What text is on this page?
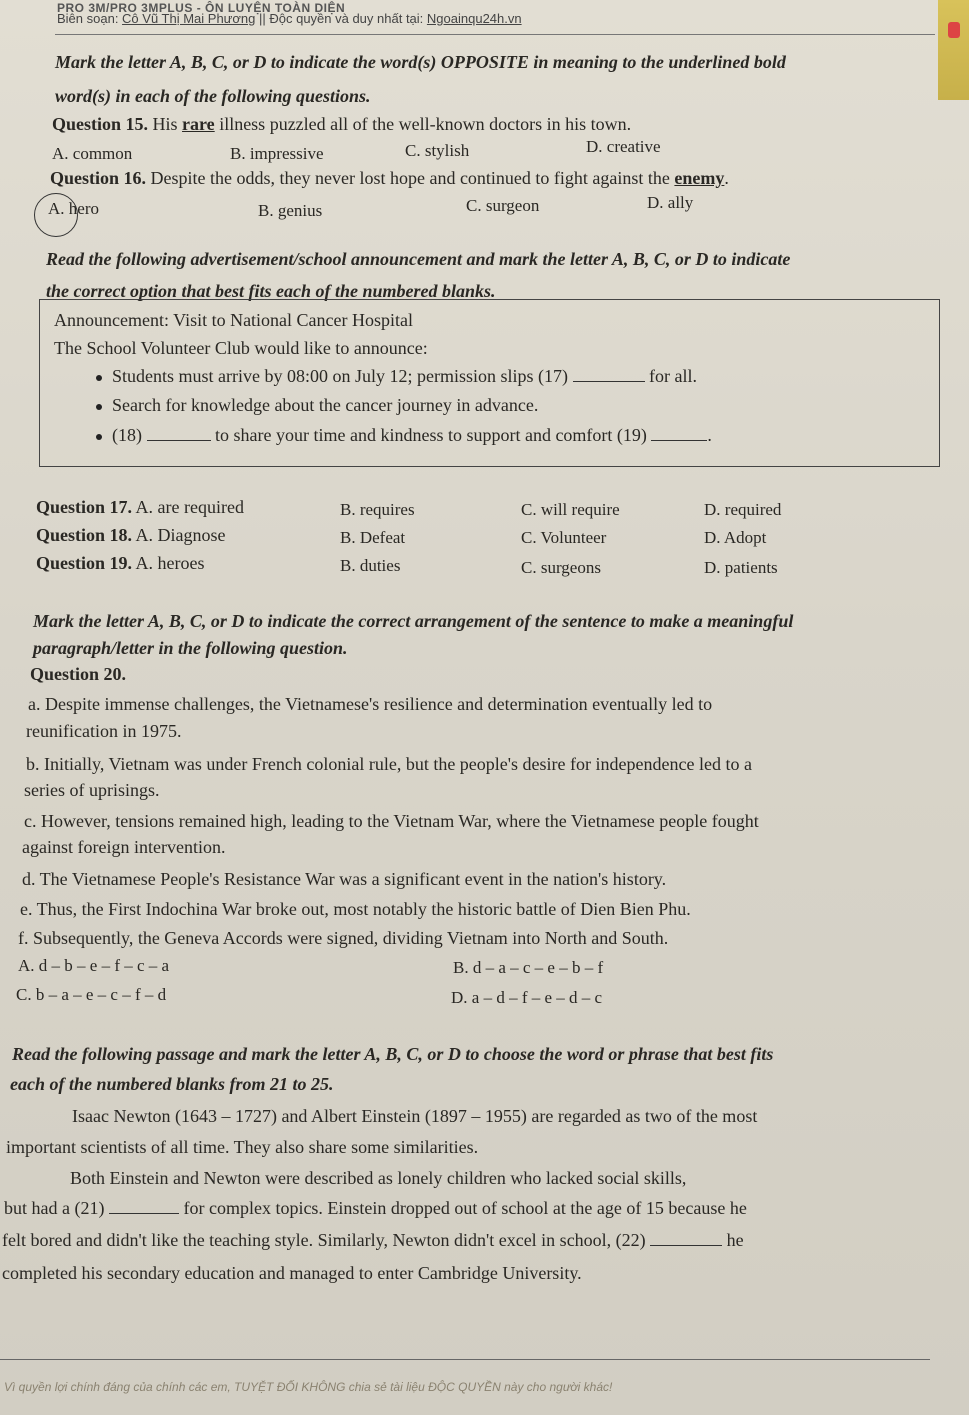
PRO 3M/PRO 3MPLUS - ÔN LUYỆN TOÀN DIỆN
Biên soạn: Cô Vũ Thị Mai Phương || Độc quyền và duy nhất tại: Ngoainqu24h.vn
Mark the letter A, B, C, or D to indicate the word(s) OPPOSITE in meaning to the underlined bold
word(s) in each of the following questions.
Question 15. His rare illness puzzled all of the well-known doctors in his town.
A. common	B. impressive	C. stylish	D. creative
Question 16. Despite the odds, they never lost hope and continued to fight against the enemy.
A. hero	B. genius	C. surgeon	D. ally
Read the following advertisement/school announcement and mark the letter A, B, C, or D to indicate
the correct option that best fits each of the numbered blanks.
Announcement: Visit to National Cancer Hospital
The School Volunteer Club would like to announce:
Students must arrive by 08:00 on July 12; permission slips (17)	for all.
Search for knowledge about the cancer journey in advance.
(18)	to share your time and kindness to support and comfort (19)	.
Question 17. A. are required	B. requires	C. will require	D. required
Question 18. A. Diagnose	B. Defeat	C. Volunteer	D. Adopt
Question 19. A. heroes	B. duties	C. surgeons	D. patients
Mark the letter A, B, C, or D to indicate the correct arrangement of the sentence to make a meaningful
paragraph/letter in the following question.
Question 20.
a. Despite immense challenges, the Vietnamese's resilience and determination eventually led to
reunification in 1975.
b. Initially, Vietnam was under French colonial rule, but the people's desire for independence led to a
series of uprisings.
c. However, tensions remained high, leading to the Vietnam War, where the Vietnamese people fought
against foreign intervention.
d. The Vietnamese People's Resistance War was a significant event in the nation's history.
e. Thus, the First Indochina War broke out, most notably the historic battle of Dien Bien Phu.
f. Subsequently, the Geneva Accords were signed, dividing Vietnam into North and South.
A. d – b – e – f – c – a	B. d – a – c – e – b – f
C. b – a – e – c – f – d	D. a – d – f – e – d – c
Read the following passage and mark the letter A, B, C, or D to choose the word or phrase that best fits
each of the numbered blanks from 21 to 25.
Isaac Newton (1643 – 1727) and Albert Einstein (1897 – 1955) are regarded as two of the most
important scientists of all time. They also share some similarities.
Both Einstein and Newton were described as lonely children who lacked social skills,
but had a (21)	for complex topics. Einstein dropped out of school at the age of 15 because he
felt bored and didn't like the teaching style. Similarly, Newton didn't excel in school, (22)	he
completed his secondary education and managed to enter Cambridge University.
Vì quyền lợi chính đáng của chính các em, TUYỆT ĐỐI KHÔNG chia sẻ tài liệu ĐỘC QUYỀN này cho người khác!
